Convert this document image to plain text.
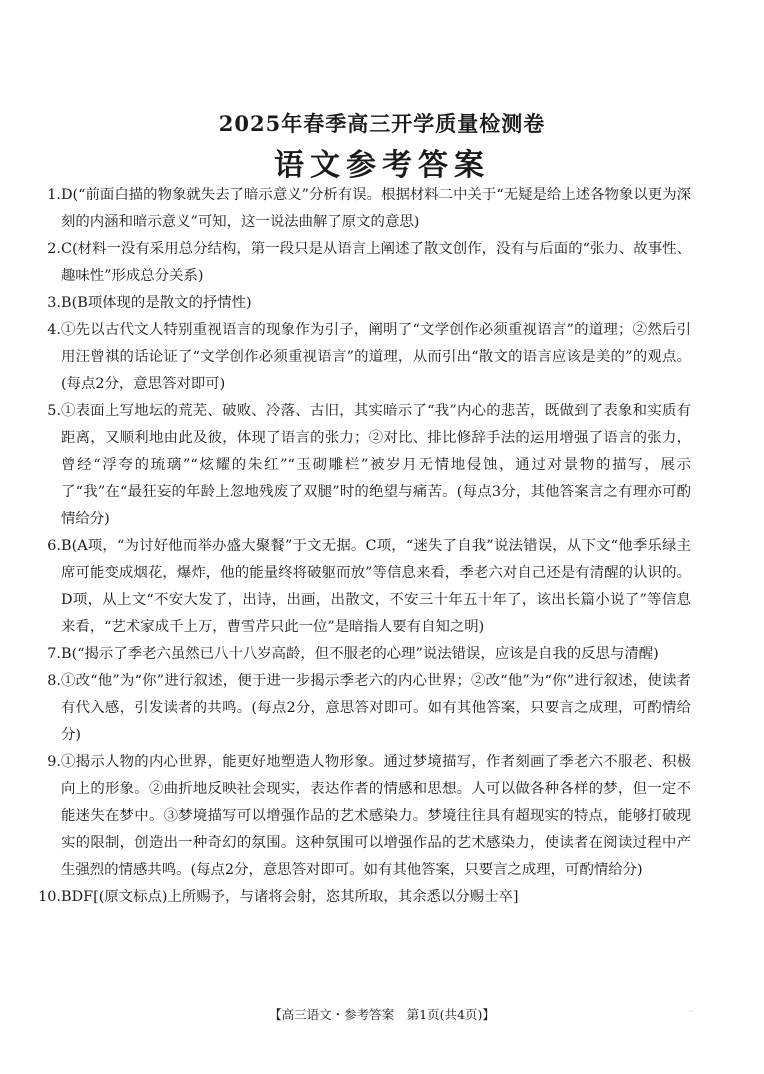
2025年春季高三开学质量检测卷
语文参考答案
1. D(“前面白描的物象就失去了暗示意义”分析有误。根据材料二中关于“无疑是给上述各物象以更为深刻的内涵和暗示意义”可知，这一说法曲解了原文的意思)
2. C(材料一没有采用总分结构，第一段只是从语言上阐述了散文创作，没有与后面的“张力、故事性、趣味性”形成总分关系)
3. B(B项体现的是散文的抒情性)
4. ①先以古代文人特别重视语言的现象作为引子，阐明了“文学创作必须重视语言”的道理；②然后引用汪曾祺的话论证了“文学创作必须重视语言”的道理，从而引出“散文的语言应该是美的”的观点。(每点2分，意思答对即可)
5. ①表面上写地坛的荒芜、破败、冷落、古旧，其实暗示了“我”内心的悲苦，既做到了表象和实质有距离，又顺利地由此及彼，体现了语言的张力；②对比、排比修辞手法的运用增强了语言的张力，曾经“浮夸的琉璃”“炫耀的朱红”“玉砌雕栏”被岁月无情地侵蚀，通过对景物的描写，展示了“我”在“最狂妄的年龄上忽地残废了双腿”时的绝望与痛苦。(每点3分，其他答案言之有理亦可酌情给分)
6. B(A项，“为讨好他而举办盛大聚餐”于文无据。C项，“迷失了自我”说法错误，从下文“他季乐绿主席可能变成烟花，爆炸，他的能量终将破躯而放”等信息来看，季老六对自己还是有清醒的认识的。D项，从上文“不安大发了，出诗，出画，出散文，不安三十年五十年了，该出长篇小说了”等信息来看，“艺术家成千上万，曹雪芹只此一位”是暗指人要有自知之明)
7. B(“揭示了季老六虽然已八十八岁高龄，但不服老的心理”说法错误，应该是自我的反思与清醒)
8. ①改“他”为“你”进行叙述，便于进一步揭示季老六的内心世界；②改“他”为“你”进行叙述，使读者有代入感，引发读者的共鸣。(每点2分，意思答对即可。如有其他答案，只要言之成理，可酌情给分)
9. ①揭示人物的内心世界，能更好地塑造人物形象。通过梦境描写，作者刻画了季老六不服老、积极向上的形象。②曲折地反映社会现实，表达作者的情感和思想。人可以做各种各样的梦，但一定不能迷失在梦中。③梦境描写可以增强作品的艺术感染力。梦境往往具有超现实的特点，能够打破现实的限制，创造出一种奇幻的氛围。这种氛围可以增强作品的艺术感染力，使读者在阅读过程中产生强烈的情感共鸣。(每点2分，意思答对即可。如有其他答案，只要言之成理，可酌情给分)
10. BDF[(原文标点)上所赐予，与诸将会射，恣其所取，其余悉以分赐士卒]
【高三语文・参考答案　第1页(共4页)】	··
